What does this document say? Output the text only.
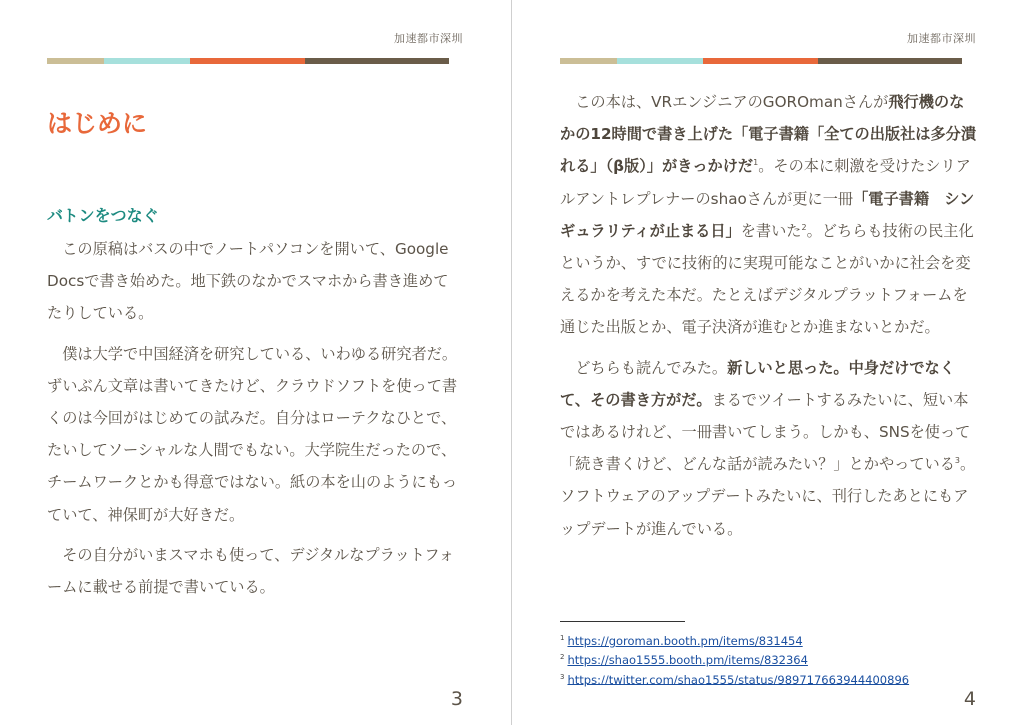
加速都市深圳
はじめに
バトンをつなぐ

この原稿はバスの中でノートパソコンを開いて、Google Docsで書き始めた。地下鉄のなかでスマホから書き進めてたりしている。

僕は大学で中国経済を研究している、いわゆる研究者だ。ずいぶん文章は書いてきたけど、クラウドソフトを使って書くのは今回がはじめての試みだ。自分はローテクなひとで、たいしてソーシャルな人間でもない。大学院生だったので、チームワークとかも得意ではない。紙の本を山のようにもっていて、神保町が大好きだ。

その自分がいまスマホも使って、デジタルなプラットフォームに載せる前提で書いている。

3
加速都市深圳

この本は、VRエンジニアのGOROmanさんが飛行機のなかの12時間で書き上げた「電子書籍「全ての出版社は多分潰れる」（β版）」がきっかけだ$^1$。その本に刺激を受けたシリアルアントレプレナーのshaoさんが更に一冊「電子書籍　シンギュラリティが止まる日」を書いた$^2$。どちらも技術の民主化というか、すでに技術的に実現可能なことがいかに社会を変えるかを考えた本だ。たとえばデジタルプラットフォームを通じた出版とか、電子決済が進むとか進まないとかだ。

どちらも読んでみた。新しいと思った。中身だけでなくて、その書き方がだ。まるでツイートするみたいに、短い本ではあるけれど、一冊書いてしまう。しかも、SNSを使って「続き書くけど、どんな話が読みたい？」とかやっている$^3$。ソフトウェアのアップデートみたいに、刊行したあとにもアップデートが進んでいる。

$^1$ https://goroman.booth.pm/items/831454
$^2$ https://shao1555.booth.pm/items/832364
$^3$ https://twitter.com/shao1555/status/989717663944400896
4
